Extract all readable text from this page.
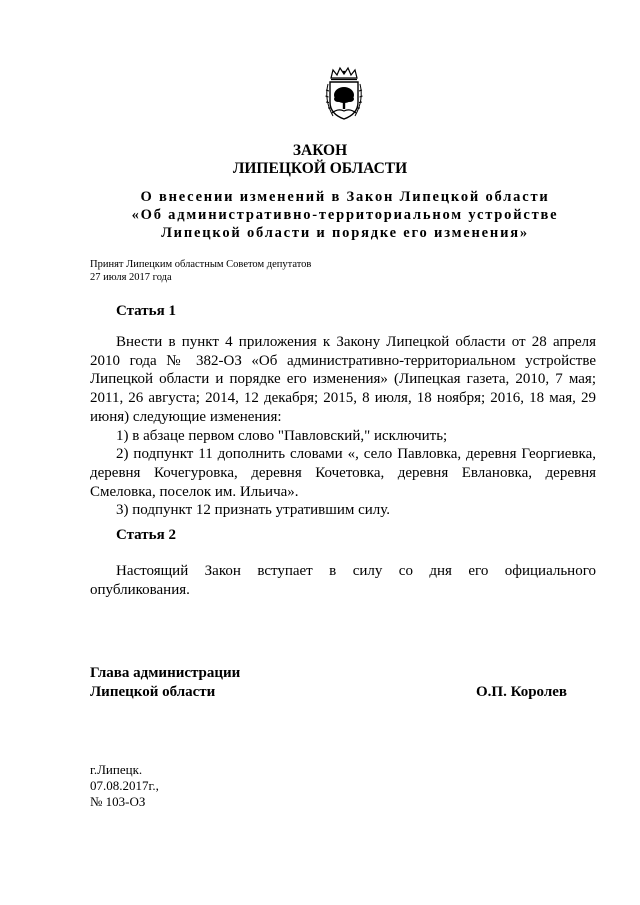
ЗАКОН
ЛИПЕЦКОЙ ОБЛАСТИ
О внесении изменений в Закон Липецкой области
«Об административно-территориальном устройстве
Липецкой области и порядке его изменения»
Принят Липецким областным Советом депутатов
27 июля 2017 года
Статья 1
Внести в пункт 4 приложения к Закону Липецкой области от 28 апреля
2010 года № 382-ОЗ «Об административно-территориальном устройстве
Липецкой области и порядке его изменения» (Липецкая газета, 2010, 7 мая;
2011, 26 августа; 2014, 12 декабря; 2015, 8 июля, 18 ноября; 2016, 18 мая, 29
июня) следующие изменения:
1) в абзаце первом слово "Павловский," исключить;
2) подпункт 11 дополнить словами «, село Павловка, деревня Георгиевка,
деревня Кочегуровка, деревня Кочетовка, деревня Евлановка, деревня
Смеловка, поселок им. Ильича».
3) подпункт 12 признать утратившим силу.
Статья 2
Настоящий Закон вступает в силу со дня его официального
опубликования.
Глава администрации
Липецкой области	О.П. Королев
г.Липецк.
07.08.2017г.,
№ 103-ОЗ
